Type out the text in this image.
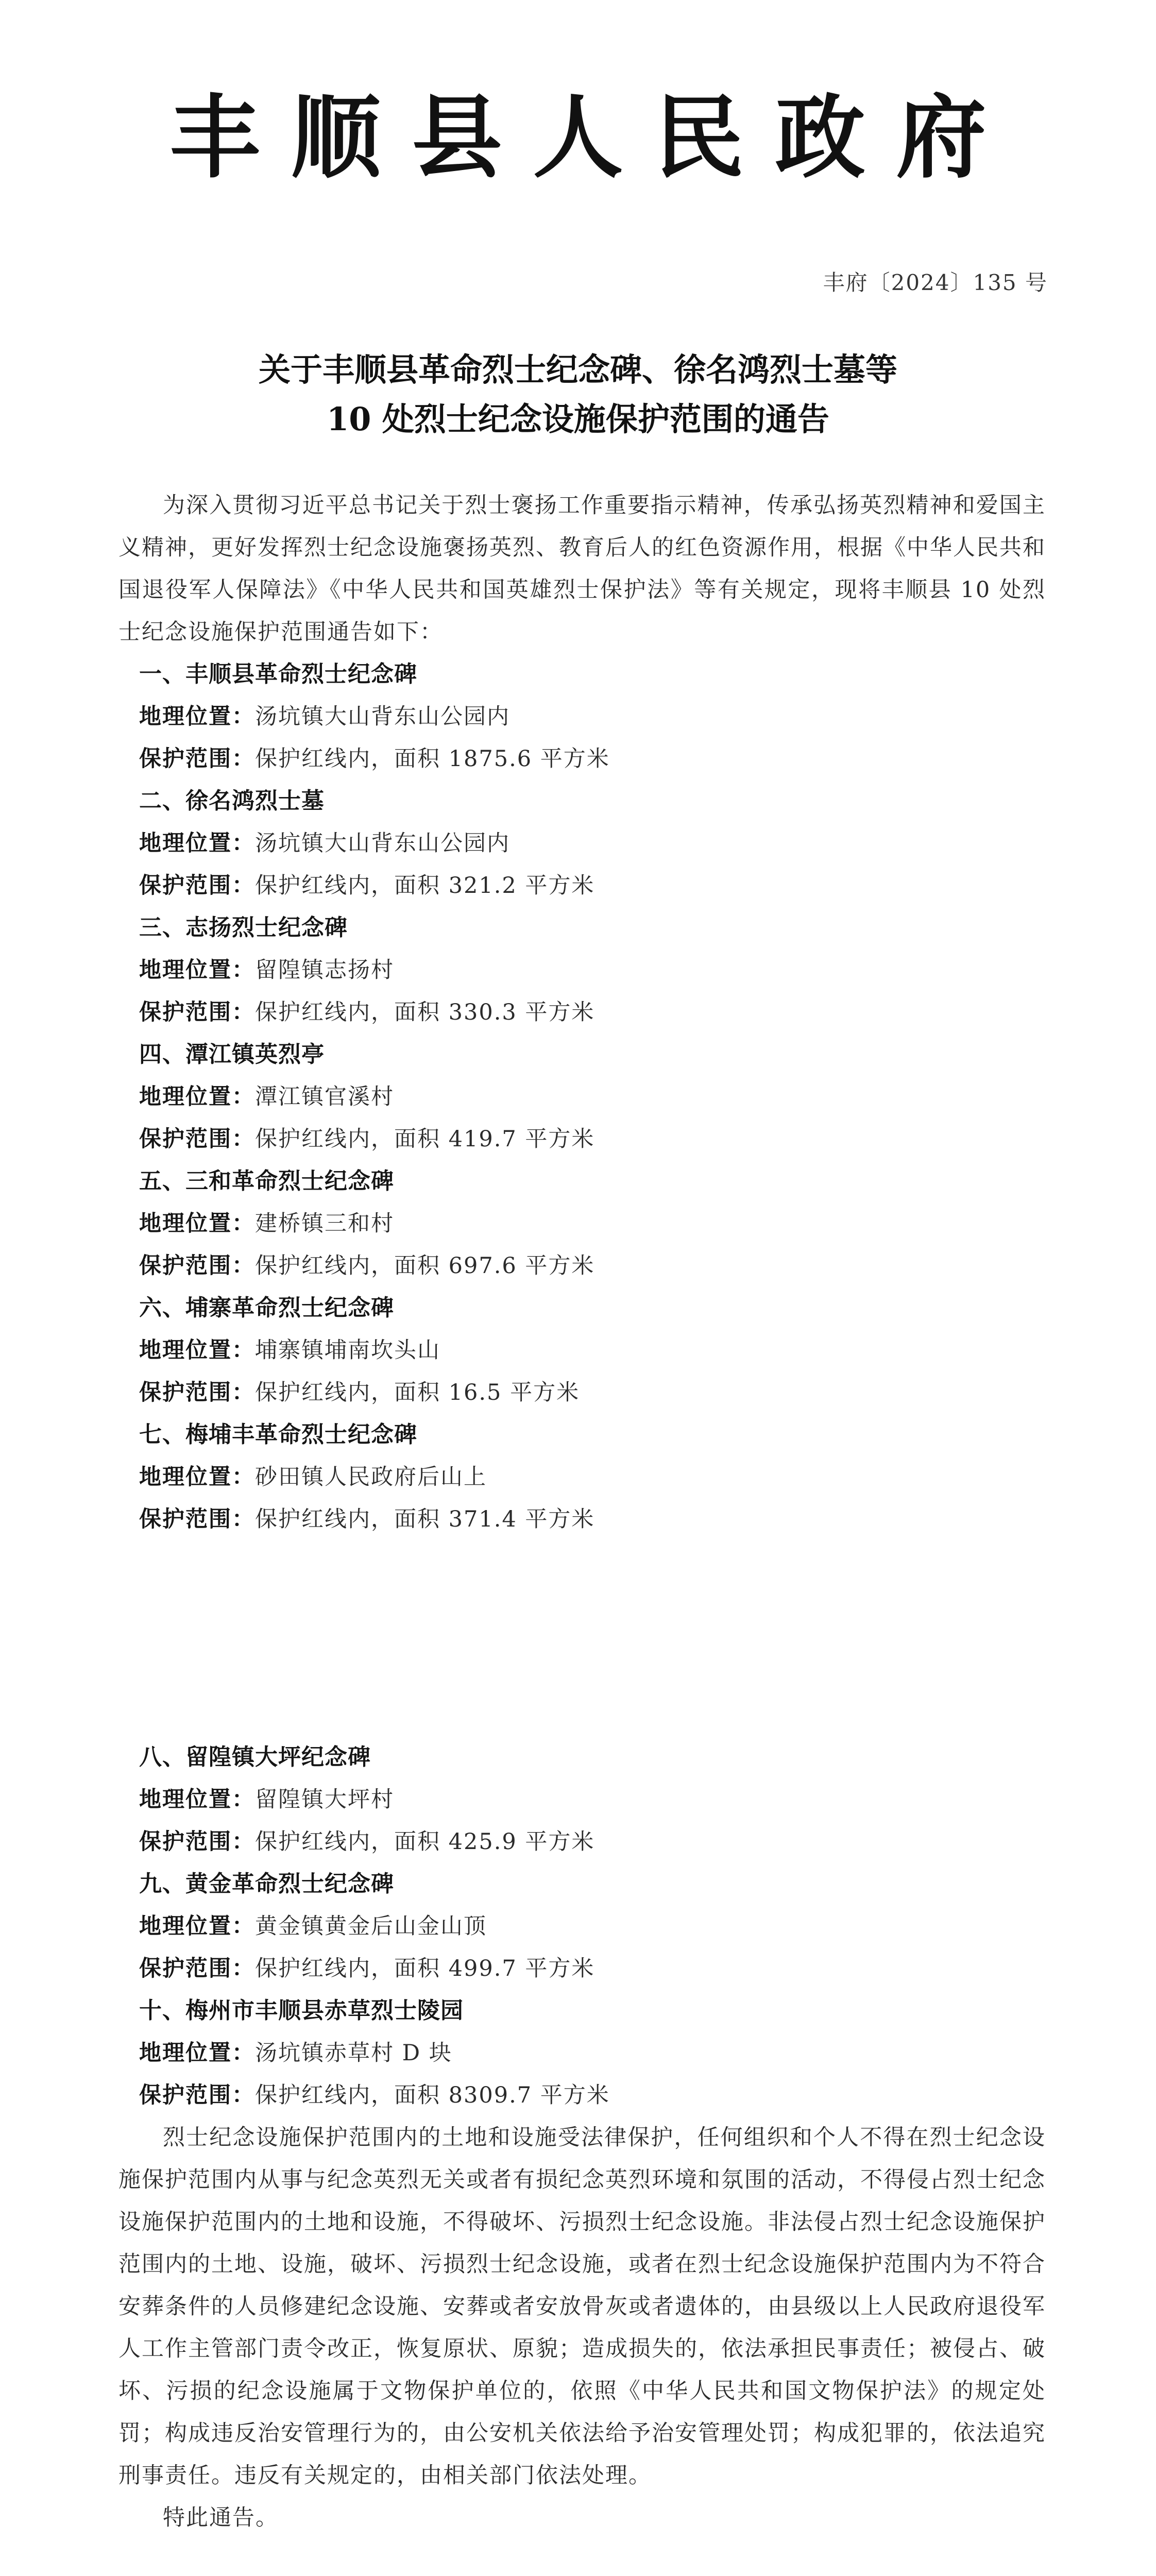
丰顺县人民政府
丰府〔2024〕135 号
关于丰顺县革命烈士纪念碑、徐名鸿烈士墓等
10 处烈士纪念设施保护范围的通告
为深入贯彻习近平总书记关于烈士褒扬工作重要指示精神，传承弘扬英烈精神和爱国主义精神，更好发挥烈士纪念设施褒扬英烈、教育后人的红色资源作用，根据《中华人民共和国退役军人保障法》《中华人民共和国英雄烈士保护法》等有关规定，现将丰顺县 10 处烈士纪念设施保护范围通告如下：
一、丰顺县革命烈士纪念碑
地理位置：汤坑镇大山背东山公园内
保护范围：保护红线内，面积 1875.6 平方米
二、徐名鸿烈士墓
地理位置：汤坑镇大山背东山公园内
保护范围：保护红线内，面积 321.2 平方米
三、志扬烈士纪念碑
地理位置：留隍镇志扬村
保护范围：保护红线内，面积 330.3 平方米
四、潭江镇英烈亭
地理位置：潭江镇官溪村
保护范围：保护红线内，面积 419.7 平方米
五、三和革命烈士纪念碑
地理位置：建桥镇三和村
保护范围：保护红线内，面积 697.6 平方米
六、埔寨革命烈士纪念碑
地理位置：埔寨镇埔南坎头山
保护范围：保护红线内，面积 16.5 平方米
七、梅埔丰革命烈士纪念碑
地理位置：砂田镇人民政府后山上
保护范围：保护红线内，面积 371.4 平方米
八、留隍镇大坪纪念碑
地理位置：留隍镇大坪村
保护范围：保护红线内，面积 425.9 平方米
九、黄金革命烈士纪念碑
地理位置：黄金镇黄金后山金山顶
保护范围：保护红线内，面积 499.7 平方米
十、梅州市丰顺县赤草烈士陵园
地理位置：汤坑镇赤草村 D 块
保护范围：保护红线内，面积 8309.7 平方米
烈士纪念设施保护范围内的土地和设施受法律保护，任何组织和个人不得在烈士纪念设施保护范围内从事与纪念英烈无关或者有损纪念英烈环境和氛围的活动，不得侵占烈士纪念设施保护范围内的土地和设施，不得破坏、污损烈士纪念设施。非法侵占烈士纪念设施保护范围内的土地、设施，破坏、污损烈士纪念设施，或者在烈士纪念设施保护范围内为不符合安葬条件的人员修建纪念设施、安葬或者安放骨灰或者遗体的，由县级以上人民政府退役军人工作主管部门责令改正，恢复原状、原貌；造成损失的，依法承担民事责任；被侵占、破坏、污损的纪念设施属于文物保护单位的，依照《中华人民共和国文物保护法》的规定处罚；构成违反治安管理行为的，由公安机关依法给予治安管理处罚；构成犯罪的，依法追究刑事责任。违反有关规定的，由相关部门依法处理。
特此通告。
